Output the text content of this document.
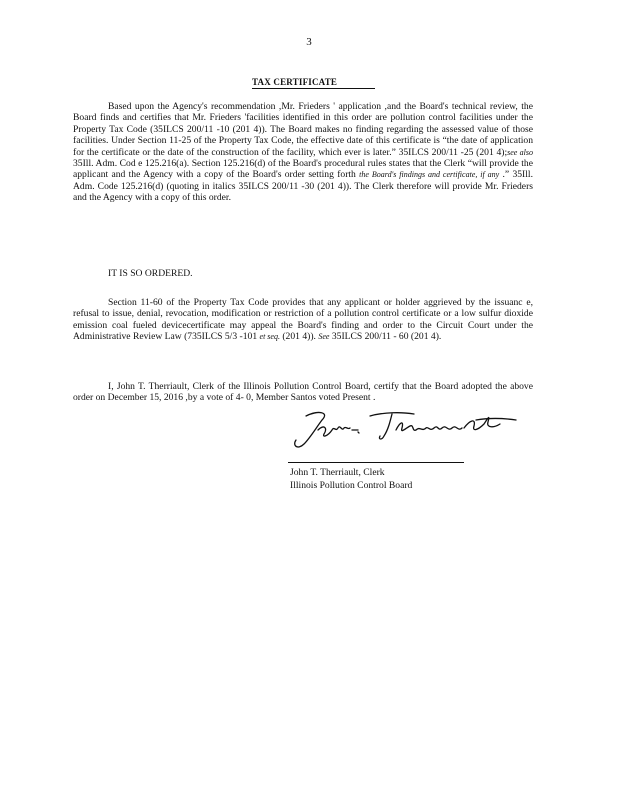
3
TAX CERTIFICATE

Based upon the Agency's recommendation ,Mr. Frieders ' application ,and the Board's technical review, the Board finds and certifies that Mr. Frieders 'facilities identified in this order are pollution control facilities under the Property Tax Code (35ILCS 200/11 -10 (201 4)). The Board makes no finding regarding the assessed value of those facilities. Under Section 11-25 of the Property Tax Code, the effective date of this certificate is “the date of application for the certificate or the date of the construction of the facility, which ever is later.” 35ILCS 200/11 -25 (201 4);see also 35Ill. Adm. Cod e 125.216(a). Section 125.216(d) of the Board's procedural rules states that the Clerk “will provide the applicant and the Agency with a copy of the Board's order setting forth the Board's findings and certificate, if any .” 35Ill. Adm. Code 125.216(d) (quoting in italics 35ILCS 200/11 -30 (201 4)). The Clerk therefore will provide Mr. Frieders and the Agency with a copy of this order.

IT IS SO ORDERED.

Section 11-60 of the Property Tax Code provides that any applicant or holder aggrieved by the issuanc e, refusal to issue, denial, revocation, modification or restriction of a pollution control certificate or a low sulfur dioxide emission coal fueled devicecertificate may appeal the Board's finding and order to the Circuit Court under the Administrative Review Law (735ILCS 5/3 -101 et seq. (201 4)). See 35ILCS 200/11 - 60 (201 4).

I, John T. Therriault, Clerk of the Illinois Pollution Control Board, certify that the Board adopted the above order on December 15, 2016 ,by a vote of 4- 0, Member Santos voted Present .

John T. Therriault, Clerk
Illinois Pollution Control Board
